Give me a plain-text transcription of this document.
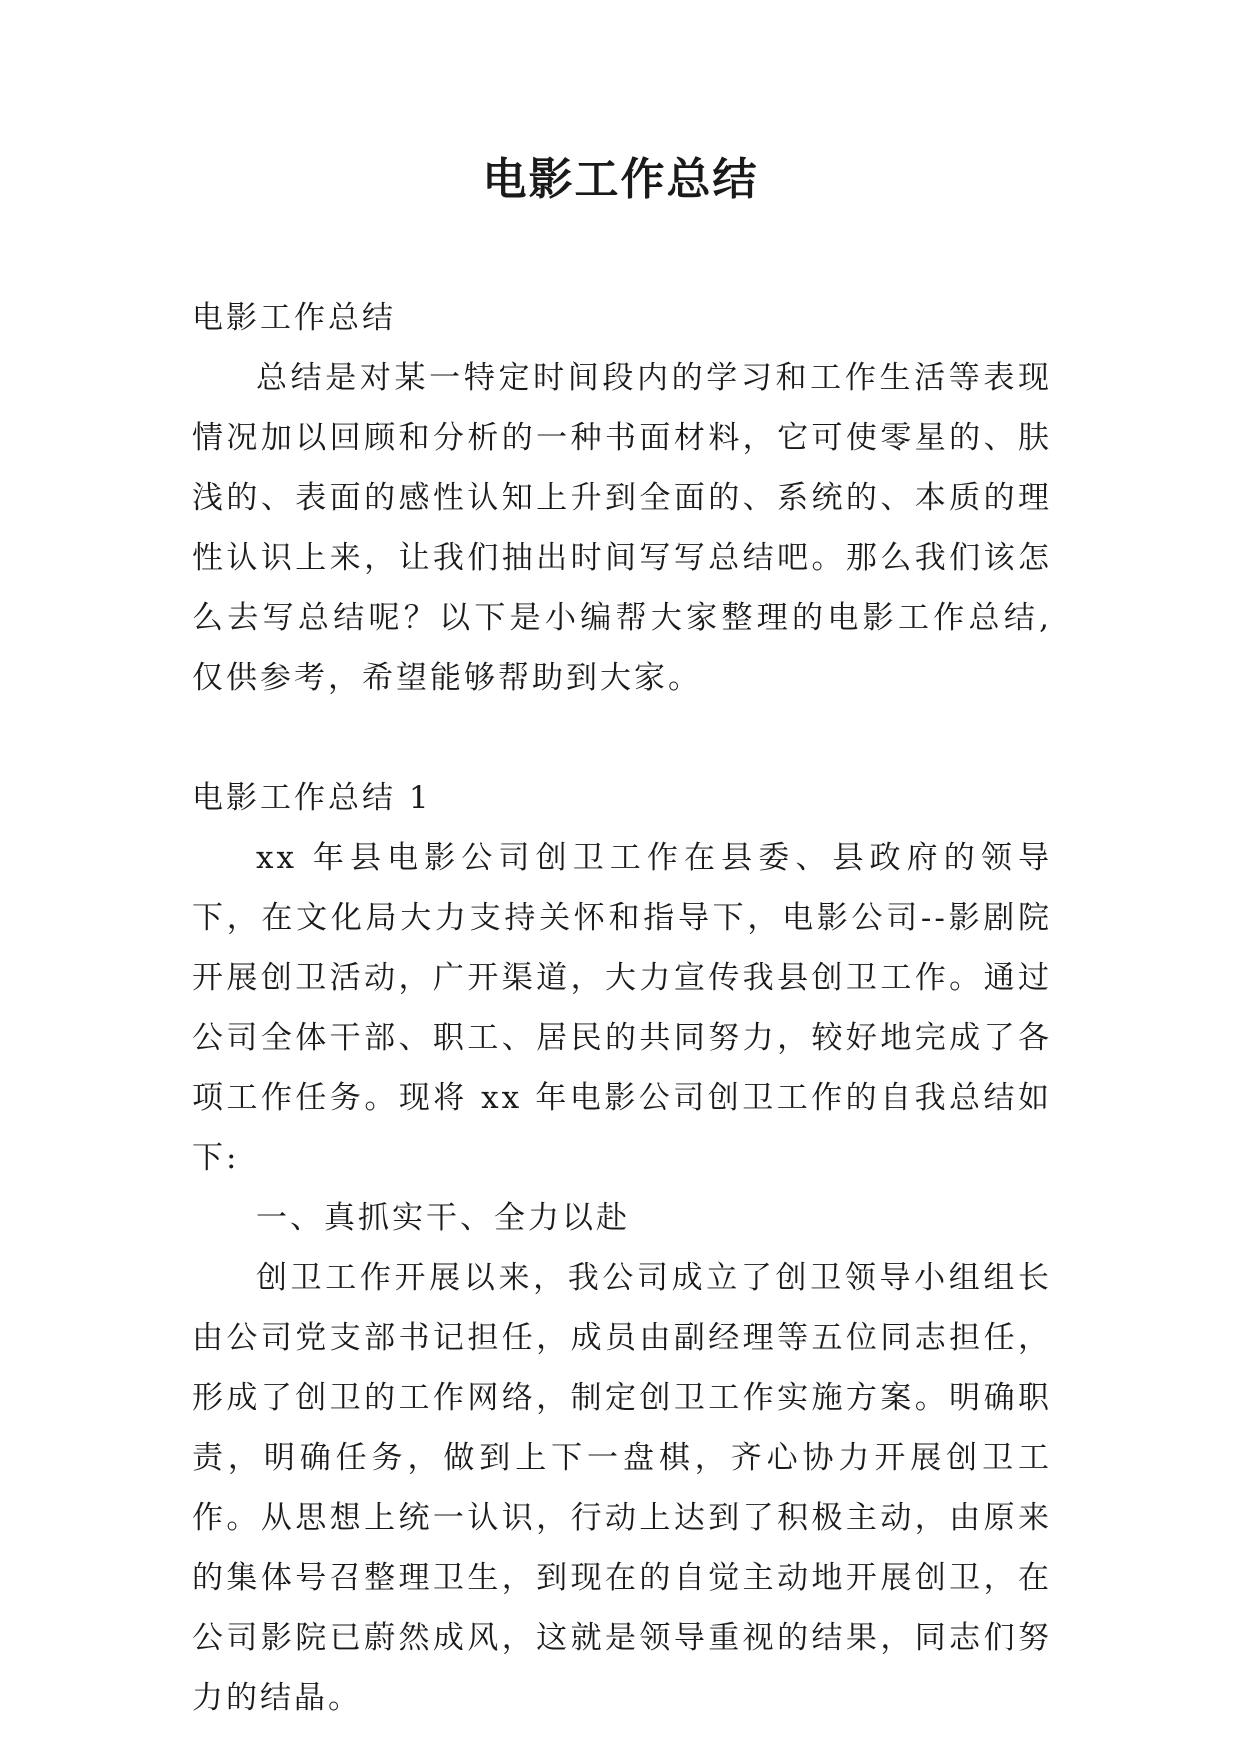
电影工作总结

电影工作总结

总结是对某一特定时间段内的学习和工作生活等表现情况加以回顾和分析的一种书面材料，它可使零星的、肤浅的、表面的感性认知上升到全面的、系统的、本质的理性认识上来，让我们抽出时间写写总结吧。那么我们该怎么去写总结呢？以下是小编帮大家整理的电影工作总结,仅供参考，希望能够帮助到大家。

电影工作总结 1

xx 年县电影公司创卫工作在县委、县政府的领导下，在文化局大力支持关怀和指导下，电影公司--影剧院开展创卫活动，广开渠道，大力宣传我县创卫工作。通过公司全体干部、职工、居民的共同努力，较好地完成了各项工作任务。现将 xx 年电影公司创卫工作的自我总结如下:

一、真抓实干、全力以赴

创卫工作开展以来，我公司成立了创卫领导小组组长由公司党支部书记担任，成员由副经理等五位同志担任，形成了创卫的工作网络，制定创卫工作实施方案。明确职责，明确任务，做到上下一盘棋，齐心协力开展创卫工作。从思想上统一认识，行动上达到了积极主动，由原来的集体号召整理卫生，到现在的自觉主动地开展创卫，在公司影院已蔚然成风，这就是领导重视的结果，同志们努力的结晶。
